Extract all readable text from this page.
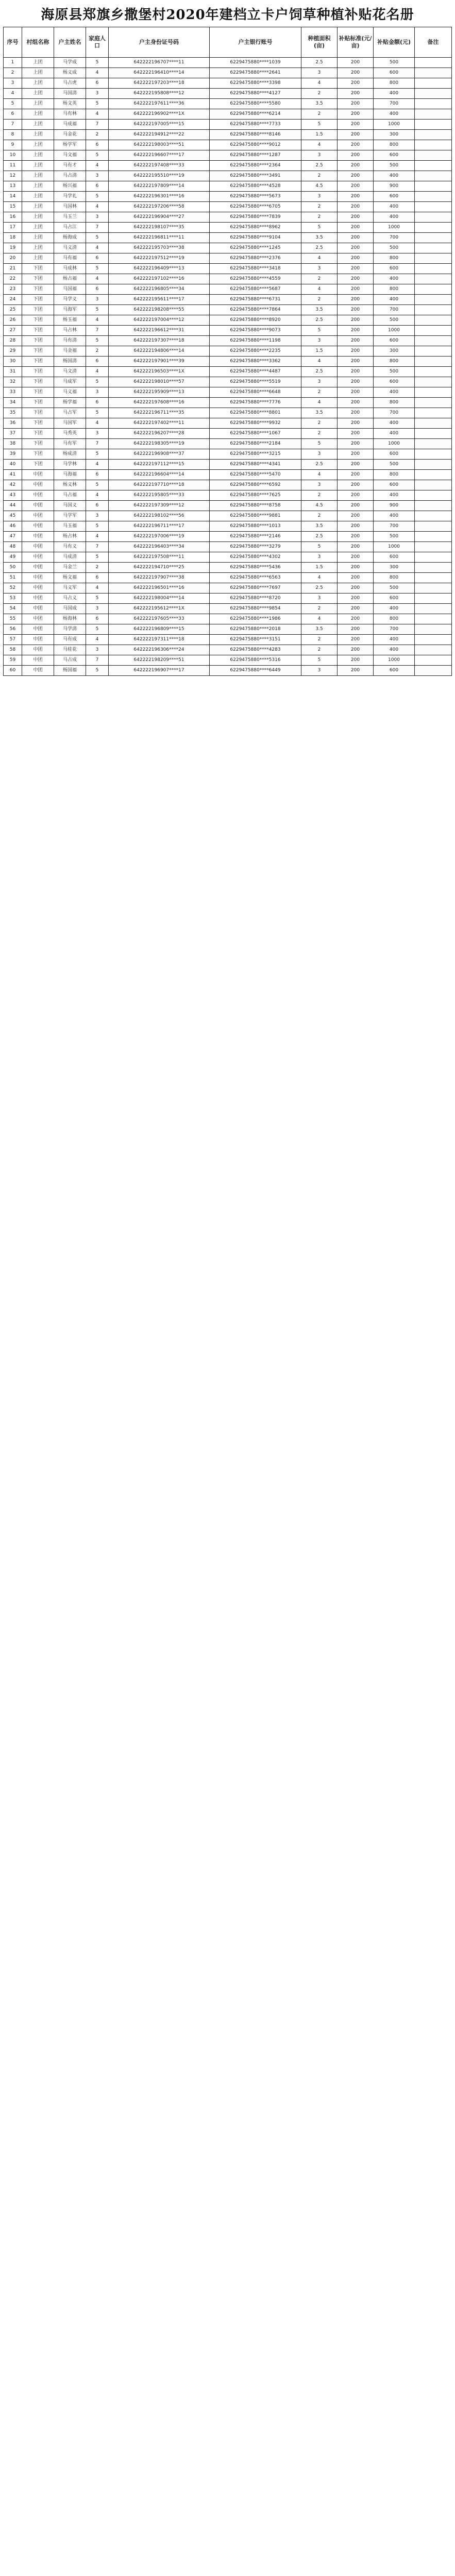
海原县郑旗乡撒堡村2020年建档立卡户饲草种植补贴花名册
序号	村组名称	户主姓名	家庭人口	户主身份证号码	户主银行账号	种植面积(亩)	补贴标准(元/亩)	补贴金额(元)	备注
1	上团	马学成	5	642222196707****11	6229475880****1039	2.5	200	500	
2	上团	杨义成	4	642222196410****14	6229475880****2641	3	200	600	
3	上团	马占虎	6	642222197203****18	6229475880****3398	4	200	800	
4	上团	马国清	3	642222195808****12	6229475880****4127	2	200	400	
5	上团	杨文英	5	642222197611****36	6229475880****5580	3.5	200	700	
6	上团	马有林	4	642222196902****1X	6229475880****6214	2	200	400	
7	上团	马成福	7	642222197005****15	6229475880****7733	5	200	1000	
8	上团	马金花	2	642222194912****22	6229475880****8146	1.5	200	300	
9	上团	杨学军	6	642222198003****51	6229475880****9012	4	200	800	
10	上团	马文福	5	642222196607****17	6229475880****1287	3	200	600	
11	上团	马有才	4	642222197408****33	6229475880****2364	2.5	200	500	
12	上团	马占清	3	642222195510****19	6229475880****3491	2	200	400	
13	上团	杨兴福	6	642222197809****14	6229475880****4528	4.5	200	900	
14	上团	马学礼	5	642222196301****16	6229475880****5673	3	200	600	
15	上团	马国林	4	642222197206****58	6229475880****6705	2	200	400	
16	上团	马玉兰	3	642222196904****27	6229475880****7839	2	200	400	
17	上团	马占江	7	642222198107****35	6229475880****8962	5	200	1000	
18	上团	杨海成	5	642222196811****11	6229475880****9104	3.5	200	700	
19	上团	马义清	4	642222195703****38	6229475880****1245	2.5	200	500	
20	上团	马有福	6	642222197512****19	6229475880****2376	4	200	800	
21	下团	马成林	5	642222196409****13	6229475880****3418	3	200	600	
22	下团	杨占福	4	642222197102****16	6229475880****4559	2	200	400	
23	下团	马国福	6	642222196805****34	6229475880****5687	4	200	800	
24	下团	马学义	3	642222195611****17	6229475880****6731	2	200	400	
25	下团	马海军	5	642222198208****55	6229475880****7864	3.5	200	700	
26	下团	杨玉福	4	642222197004****12	6229475880****8920	2.5	200	500	
27	下团	马占林	7	642222196612****31	6229475880****9073	5	200	1000	
28	下团	马有清	5	642222197307****18	6229475880****1198	3	200	600	
29	下团	马金福	2	642222194806****14	6229475880****2235	1.5	200	300	
30	下团	杨国清	6	642222197901****39	6229475880****3362	4	200	800	
31	下团	马文清	4	642222196503****1X	6229475880****4487	2.5	200	500	
32	下团	马成军	5	642222198010****57	6229475880****5519	3	200	600	
33	下团	马义福	3	642222195909****13	6229475880****6648	2	200	400	
34	下团	杨学福	6	642222197608****16	6229475880****7776	4	200	800	
35	下团	马占军	5	642222196711****35	6229475880****8801	3.5	200	700	
36	下团	马国军	4	642222197402****11	6229475880****9932	2	200	400	
37	下团	马秀英	3	642222196207****28	6229475880****1067	2	200	400	
38	下团	马有军	7	642222198305****19	6229475880****2184	5	200	1000	
39	下团	杨成清	5	642222196908****37	6229475880****3215	3	200	600	
40	下团	马学林	4	642222197112****15	6229475880****4341	2.5	200	500	
41	中团	马海福	6	642222196604****14	6229475880****5470	4	200	800	
42	中团	杨义林	5	642222197710****18	6229475880****6592	3	200	600	
43	中团	马占福	4	642222195805****33	6229475880****7625	2	200	400	
44	中团	马国义	6	642222197309****12	6229475880****8758	4.5	200	900	
45	中团	马学军	3	642222198102****56	6229475880****9881	2	200	400	
46	中团	马玉福	5	642222196711****17	6229475880****1013	3.5	200	700	
47	中团	杨占林	4	642222197006****19	6229475880****2146	2.5	200	500	
48	中团	马有义	7	642222196403****34	6229475880****3279	5	200	1000	
49	中团	马成清	5	642222197508****11	6229475880****4302	3	200	600	
50	中团	马金兰	2	642222194710****25	6229475880****5436	1.5	200	300	
51	中团	杨文福	6	642222197907****38	6229475880****6563	4	200	800	
52	中团	马义军	4	642222196501****16	6229475880****7697	2.5	200	500	
53	中团	马占义	5	642222198004****14	6229475880****8720	3	200	600	
54	中团	马国成	3	642222195612****1X	6229475880****9854	2	200	400	
55	中团	杨海林	6	642222197605****33	6229475880****1986	4	200	800	
56	中团	马学清	5	642222196809****15	6229475880****2018	3.5	200	700	
57	中团	马有成	4	642222197311****18	6229475880****3151	2	200	400	
58	中团	马桂花	3	642222196306****24	6229475880****4283	2	200	400	
59	中团	马占成	7	642222198209****51	6229475880****5316	5	200	1000	
60	中团	杨国福	5	642222196907****17	6229475880****6449	3	200	600	
